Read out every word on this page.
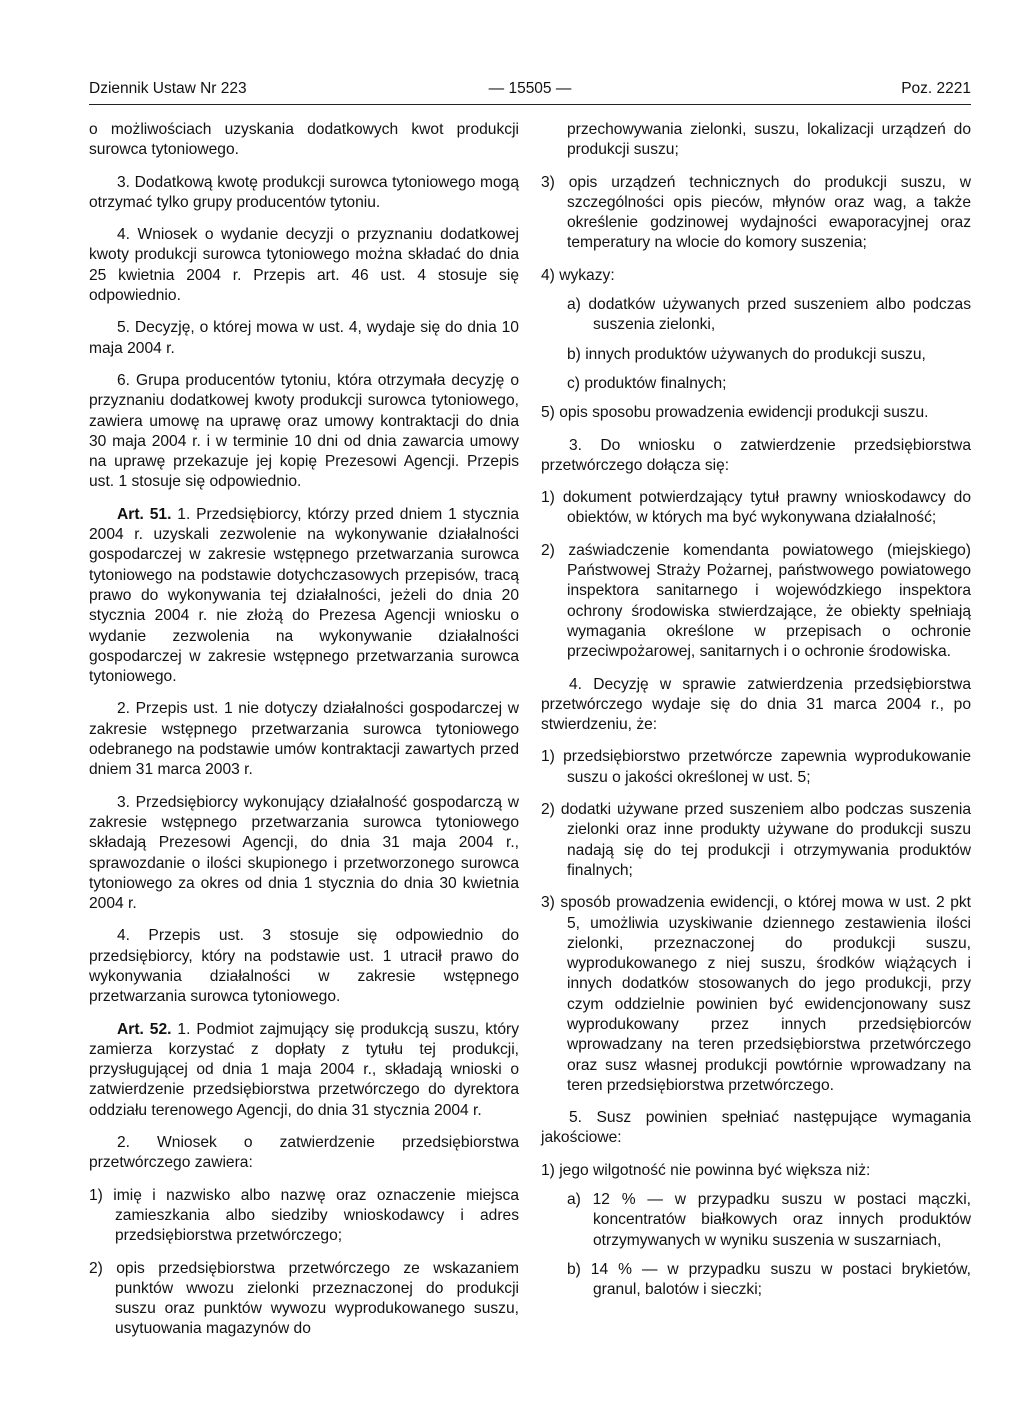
Dziennik Ustaw Nr 223	— 15505 —	Poz. 2221

o możliwościach uzyskania dodatkowych kwot produkcji surowca tytoniowego.

3. Dodatkową kwotę produkcji surowca tytoniowego mogą otrzymać tylko grupy producentów tytoniu.

4. Wniosek o wydanie decyzji o przyznaniu dodatkowej kwoty produkcji surowca tytoniowego można składać do dnia 25 kwietnia 2004 r. Przepis art. 46 ust. 4 stosuje się odpowiednio.

5. Decyzję, o której mowa w ust. 4, wydaje się do dnia 10 maja 2004 r.

6. Grupa producentów tytoniu, która otrzymała decyzję o przyznaniu dodatkowej kwoty produkcji surowca tytoniowego, zawiera umowę na uprawę oraz umowy kontraktacji do dnia 30 maja 2004 r. i w terminie 10 dni od dnia zawarcia umowy na uprawę przekazuje jej kopię Prezesowi Agencji. Przepis ust. 1 stosuje się odpowiednio.

Art. 51. 1. Przedsiębiorcy, którzy przed dniem 1 stycznia 2004 r. uzyskali zezwolenie na wykonywanie działalności gospodarczej w zakresie wstępnego przetwarzania surowca tytoniowego na podstawie dotychczasowych przepisów, tracą prawo do wykonywania tej działalności, jeżeli do dnia 20 stycznia 2004 r. nie złożą do Prezesa Agencji wniosku o wydanie zezwolenia na wykonywanie działalności gospodarczej w zakresie wstępnego przetwarzania surowca tytoniowego.

2. Przepis ust. 1 nie dotyczy działalności gospodarczej w zakresie wstępnego przetwarzania surowca tytoniowego odebranego na podstawie umów kontraktacji zawartych przed dniem 31 marca 2003 r.

3. Przedsiębiorcy wykonujący działalność gospodarczą w zakresie wstępnego przetwarzania surowca tytoniowego składają Prezesowi Agencji, do dnia 31 maja 2004 r., sprawozdanie o ilości skupionego i przetworzonego surowca tytoniowego za okres od dnia 1 stycznia do dnia 30 kwietnia 2004 r.

4. Przepis ust. 3 stosuje się odpowiednio do przedsiębiorcy, który na podstawie ust. 1 utracił prawo do wykonywania działalności w zakresie wstępnego przetwarzania surowca tytoniowego.

Art. 52. 1. Podmiot zajmujący się produkcją suszu, który zamierza korzystać z dopłaty z tytułu tej produkcji, przysługującej od dnia 1 maja 2004 r., składają wnioski o zatwierdzenie przedsiębiorstwa przetwórczego do dyrektora oddziału terenowego Agencji, do dnia 31 stycznia 2004 r.

2. Wniosek o zatwierdzenie przedsiębiorstwa przetwórczego zawiera:

1) imię i nazwisko albo nazwę oraz oznaczenie miejsca zamieszkania albo siedziby wnioskodawcy i adres przedsiębiorstwa przetwórczego;

2) opis przedsiębiorstwa przetwórczego ze wskazaniem punktów wwozu zielonki przeznaczonej do produkcji suszu oraz punktów wywozu wyprodukowanego suszu, usytuowania magazynów do

przechowywania zielonki, suszu, lokalizacji urządzeń do produkcji suszu;

3) opis urządzeń technicznych do produkcji suszu, w szczególności opis pieców, młynów oraz wag, a także określenie godzinowej wydajności ewaporacyjnej oraz temperatury na wlocie do komory suszenia;

4) wykazy:

a) dodatków używanych przed suszeniem albo podczas suszenia zielonki,

b) innych produktów używanych do produkcji suszu,

c) produktów finalnych;

5) opis sposobu prowadzenia ewidencji produkcji suszu.

3. Do wniosku o zatwierdzenie przedsiębiorstwa przetwórczego dołącza się:

1) dokument potwierdzający tytuł prawny wnioskodawcy do obiektów, w których ma być wykonywana działalność;

2) zaświadczenie komendanta powiatowego (miejskiego) Państwowej Straży Pożarnej, państwowego powiatowego inspektora sanitarnego i wojewódzkiego inspektora ochrony środowiska stwierdzające, że obiekty spełniają wymagania określone w przepisach o ochronie przeciwpożarowej, sanitarnych i o ochronie środowiska.

4. Decyzję w sprawie zatwierdzenia przedsiębiorstwa przetwórczego wydaje się do dnia 31 marca 2004 r., po stwierdzeniu, że:

1) przedsiębiorstwo przetwórcze zapewnia wyprodukowanie suszu o jakości określonej w ust. 5;

2) dodatki używane przed suszeniem albo podczas suszenia zielonki oraz inne produkty używane do produkcji suszu nadają się do tej produkcji i otrzymywania produktów finalnych;

3) sposób prowadzenia ewidencji, o której mowa w ust. 2 pkt 5, umożliwia uzyskiwanie dziennego zestawienia ilości zielonki, przeznaczonej do produkcji suszu, wyprodukowanego z niej suszu, środków wiążących i innych dodatków stosowanych do jego produkcji, przy czym oddzielnie powinien być ewidencjonowany susz wyprodukowany przez innych przedsiębiorców wprowadzany na teren przedsiębiorstwa przetwórczego oraz susz własnej produkcji powtórnie wprowadzany na teren przedsiębiorstwa przetwórczego.

5. Susz powinien spełniać następujące wymagania jakościowe:

1) jego wilgotność nie powinna być większa niż:

a) 12 % — w przypadku suszu w postaci mączki, koncentratów białkowych oraz innych produktów otrzymywanych w wyniku suszenia w suszarniach,

b) 14 % — w przypadku suszu w postaci brykietów, granul, balotów i sieczki;
